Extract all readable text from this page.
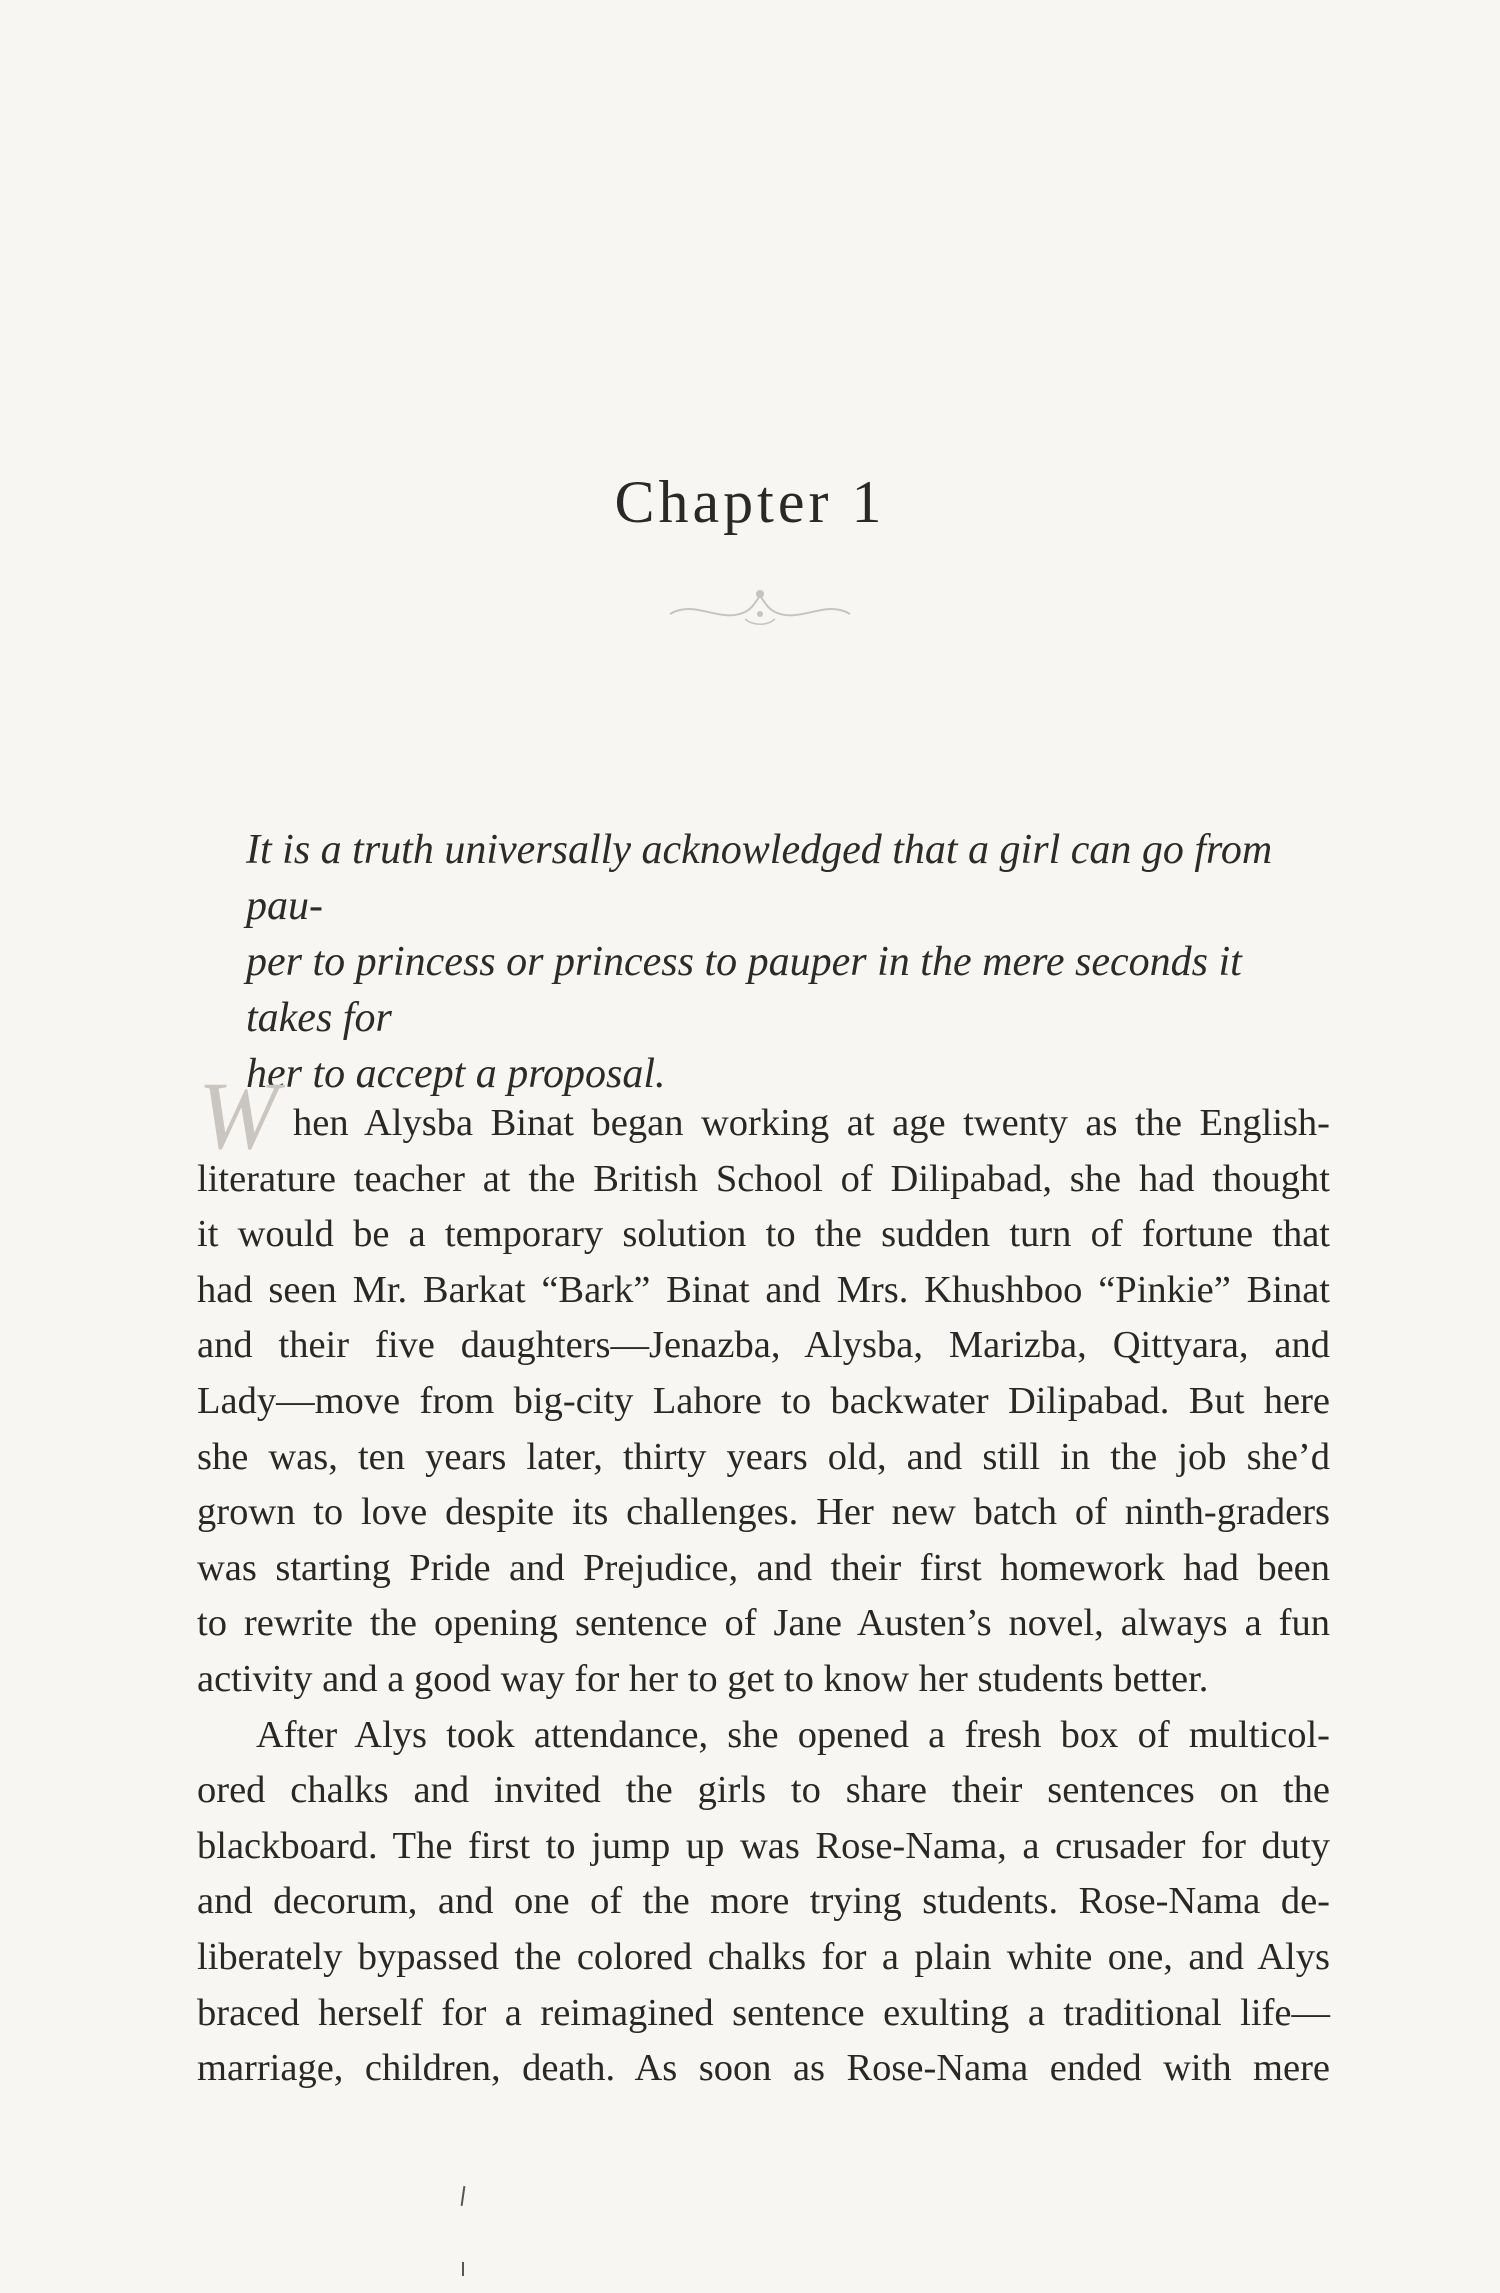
Chapter 1
It is a truth universally acknowledged that a girl can go from pau-
per to princess or princess to pauper in the mere seconds it takes for
her to accept a proposal.
W hen Alysba Binat began working at age twenty as the English-
literature teacher at the British School of Dilipabad, she had thought
it would be a temporary solution to the sudden turn of fortune that
had seen Mr. Barkat “Bark” Binat and Mrs. Khushboo “Pinkie” Binat
and their five daughters—Jenazba, Alysba, Marizba, Qittyara, and
Lady—move from big-city Lahore to backwater Dilipabad. But here
she was, ten years later, thirty years old, and still in the job she’d
grown to love despite its challenges. Her new batch of ninth-graders
was starting Pride and Prejudice, and their first homework had been
to rewrite the opening sentence of Jane Austen’s novel, always a fun
activity and a good way for her to get to know her students better.

After Alys took attendance, she opened a fresh box of multicol-
ored chalks and invited the girls to share their sentences on the
blackboard. The first to jump up was Rose-Nama, a crusader for duty
and decorum, and one of the more trying students. Rose-Nama de-
liberately bypassed the colored chalks for a plain white one, and Alys
braced herself for a reimagined sentence exulting a traditional life—
marriage, children, death. As soon as Rose-Nama ended with mere
